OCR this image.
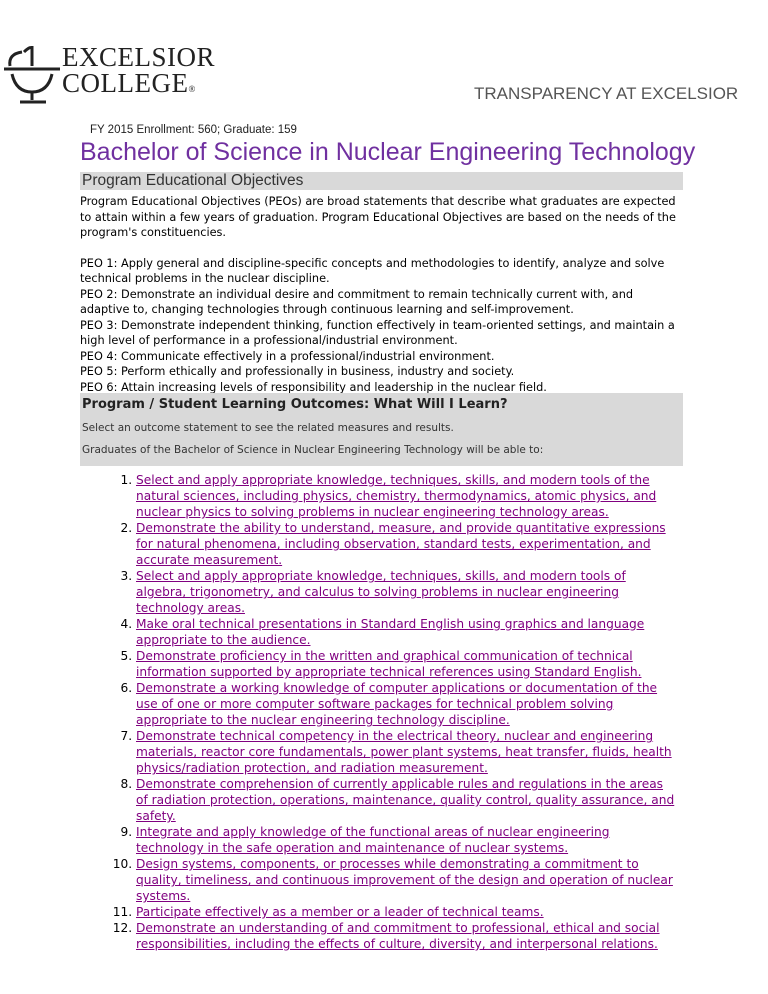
EXCELSIOR
COLLEGE®	TRANSPARENCY AT EXCELSIOR
FY 2015 Enrollment: 560; Graduate: 159
Bachelor of Science in Nuclear Engineering Technology
Program Educational Objectives

Program Educational Objectives (PEOs) are broad statements that describe what graduates are expected to attain within a few years of graduation. Program Educational Objectives are based on the needs of the program's constituencies.

PEO 1: Apply general and discipline-specific concepts and methodologies to identify, analyze and solve technical problems in the nuclear discipline.
PEO 2: Demonstrate an individual desire and commitment to remain technically current with, and adaptive to, changing technologies through continuous learning and self-improvement.
PEO 3: Demonstrate independent thinking, function effectively in team-oriented settings, and maintain a high level of performance in a professional/industrial environment.
PEO 4: Communicate effectively in a professional/industrial environment.
PEO 5: Perform ethically and professionally in business, industry and society.
PEO 6: Attain increasing levels of responsibility and leadership in the nuclear field.

Program / Student Learning Outcomes: What Will I Learn?

Select an outcome statement to see the related measures and results.

Graduates of the Bachelor of Science in Nuclear Engineering Technology will be able to:

1. Select and apply appropriate knowledge, techniques, skills, and modern tools of the natural sciences, including physics, chemistry, thermodynamics, atomic physics, and nuclear physics to solving problems in nuclear engineering technology areas.
2. Demonstrate the ability to understand, measure, and provide quantitative expressions for natural phenomena, including observation, standard tests, experimentation, and accurate measurement.
3. Select and apply appropriate knowledge, techniques, skills, and modern tools of algebra, trigonometry, and calculus to solving problems in nuclear engineering technology areas.
4. Make oral technical presentations in Standard English using graphics and language appropriate to the audience.
5. Demonstrate proficiency in the written and graphical communication of technical information supported by appropriate technical references using Standard English.
6. Demonstrate a working knowledge of computer applications or documentation of the use of one or more computer software packages for technical problem solving appropriate to the nuclear engineering technology discipline.
7. Demonstrate technical competency in the electrical theory, nuclear and engineering materials, reactor core fundamentals, power plant systems, heat transfer, fluids, health physics/radiation protection, and radiation measurement.
8. Demonstrate comprehension of currently applicable rules and regulations in the areas of radiation protection, operations, maintenance, quality control, quality assurance, and safety.
9. Integrate and apply knowledge of the functional areas of nuclear engineering technology in the safe operation and maintenance of nuclear systems.
10. Design systems, components, or processes while demonstrating a commitment to quality, timeliness, and continuous improvement of the design and operation of nuclear systems.
11. Participate effectively as a member or a leader of technical teams.
12. Demonstrate an understanding of and commitment to professional, ethical and social responsibilities, including the effects of culture, diversity, and interpersonal relations.
